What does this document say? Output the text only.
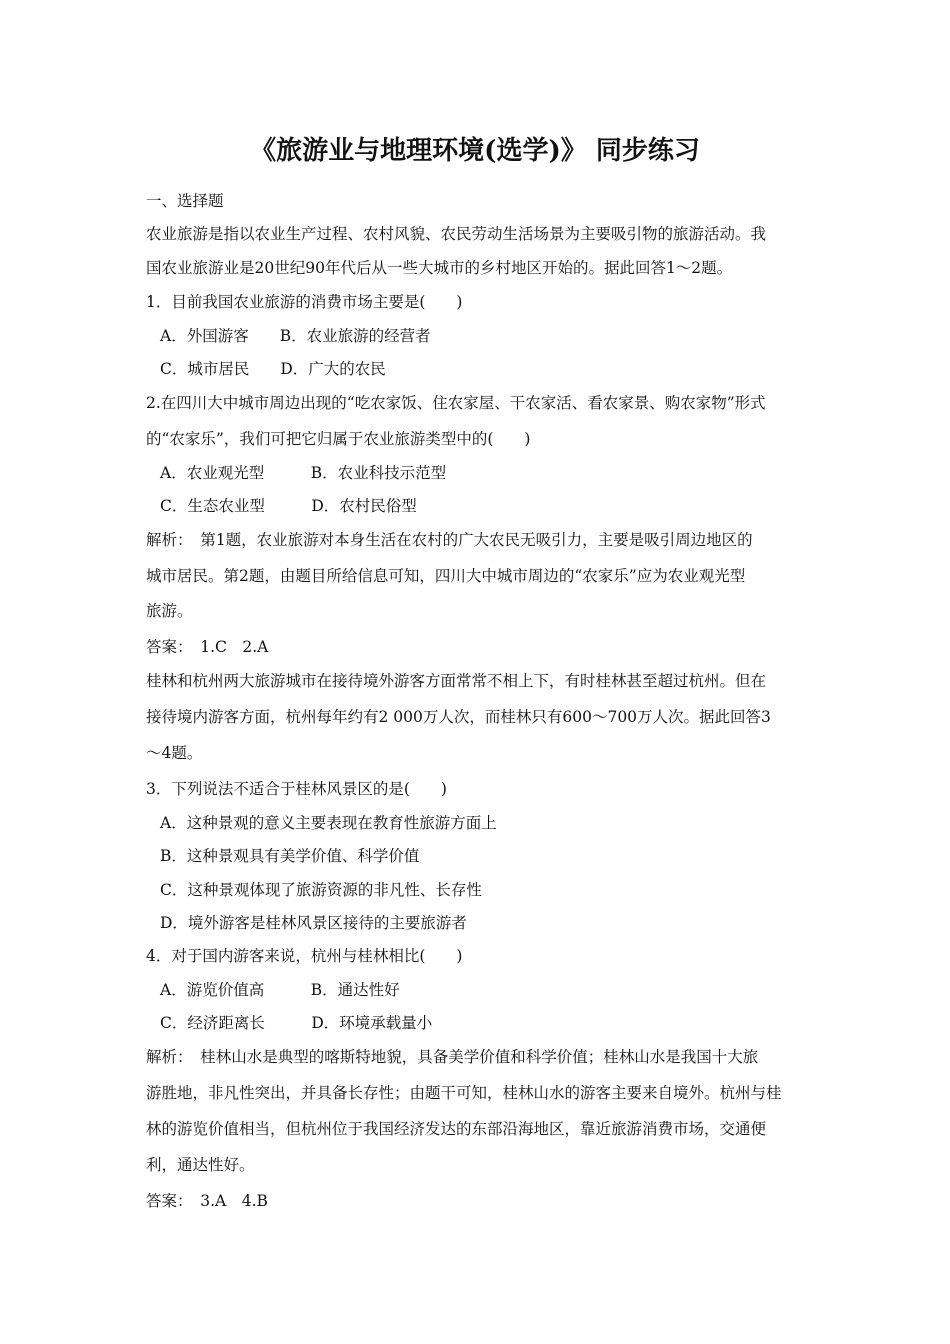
《旅游业与地理环境(选学)》 同步练习
一、选择题
农业旅游是指以农业生产过程、农村风貌、农民劳动生活场景为主要吸引物的旅游活动。我
国农业旅游业是20世纪90年代后从一些大城市的乡村地区开始的。据此回答1～2题。
1．目前我国农业旅游的消费市场主要是(　　)
A．外国游客　　B．农业旅游的经营者
C．城市居民　　D．广大的农民
2.在四川大中城市周边出现的“吃农家饭、住农家屋、干农家活、看农家景、购农家物”形式
的“农家乐”，我们可把它归属于农业旅游类型中的(　　)
A．农业观光型　　　B．农业科技示范型
C．生态农业型　　　D．农村民俗型
解析：　第1题，农业旅游对本身生活在农村的广大农民无吸引力，主要是吸引周边地区的
城市居民。第2题，由题目所给信息可知，四川大中城市周边的“农家乐”应为农业观光型
旅游。
答案：　1.C　2.A
桂林和杭州两大旅游城市在接待境外游客方面常常不相上下，有时桂林甚至超过杭州。但在
接待境内游客方面，杭州每年约有2 000万人次，而桂林只有600～700万人次。据此回答3
～4题。
3．下列说法不适合于桂林风景区的是(　　)
A．这种景观的意义主要表现在教育性旅游方面上
B．这种景观具有美学价值、科学价值
C．这种景观体现了旅游资源的非凡性、长存性
D．境外游客是桂林风景区接待的主要旅游者
4．对于国内游客来说，杭州与桂林相比(　　)
A．游览价值高　　　B．通达性好
C．经济距离长　　　D．环境承载量小
解析：　桂林山水是典型的喀斯特地貌，具备美学价值和科学价值；桂林山水是我国十大旅
游胜地，非凡性突出，并具备长存性；由题干可知，桂林山水的游客主要来自境外。杭州与桂
林的游览价值相当，但杭州位于我国经济发达的东部沿海地区，靠近旅游消费市场，交通便
利，通达性好。
答案：　3.A　4.B
